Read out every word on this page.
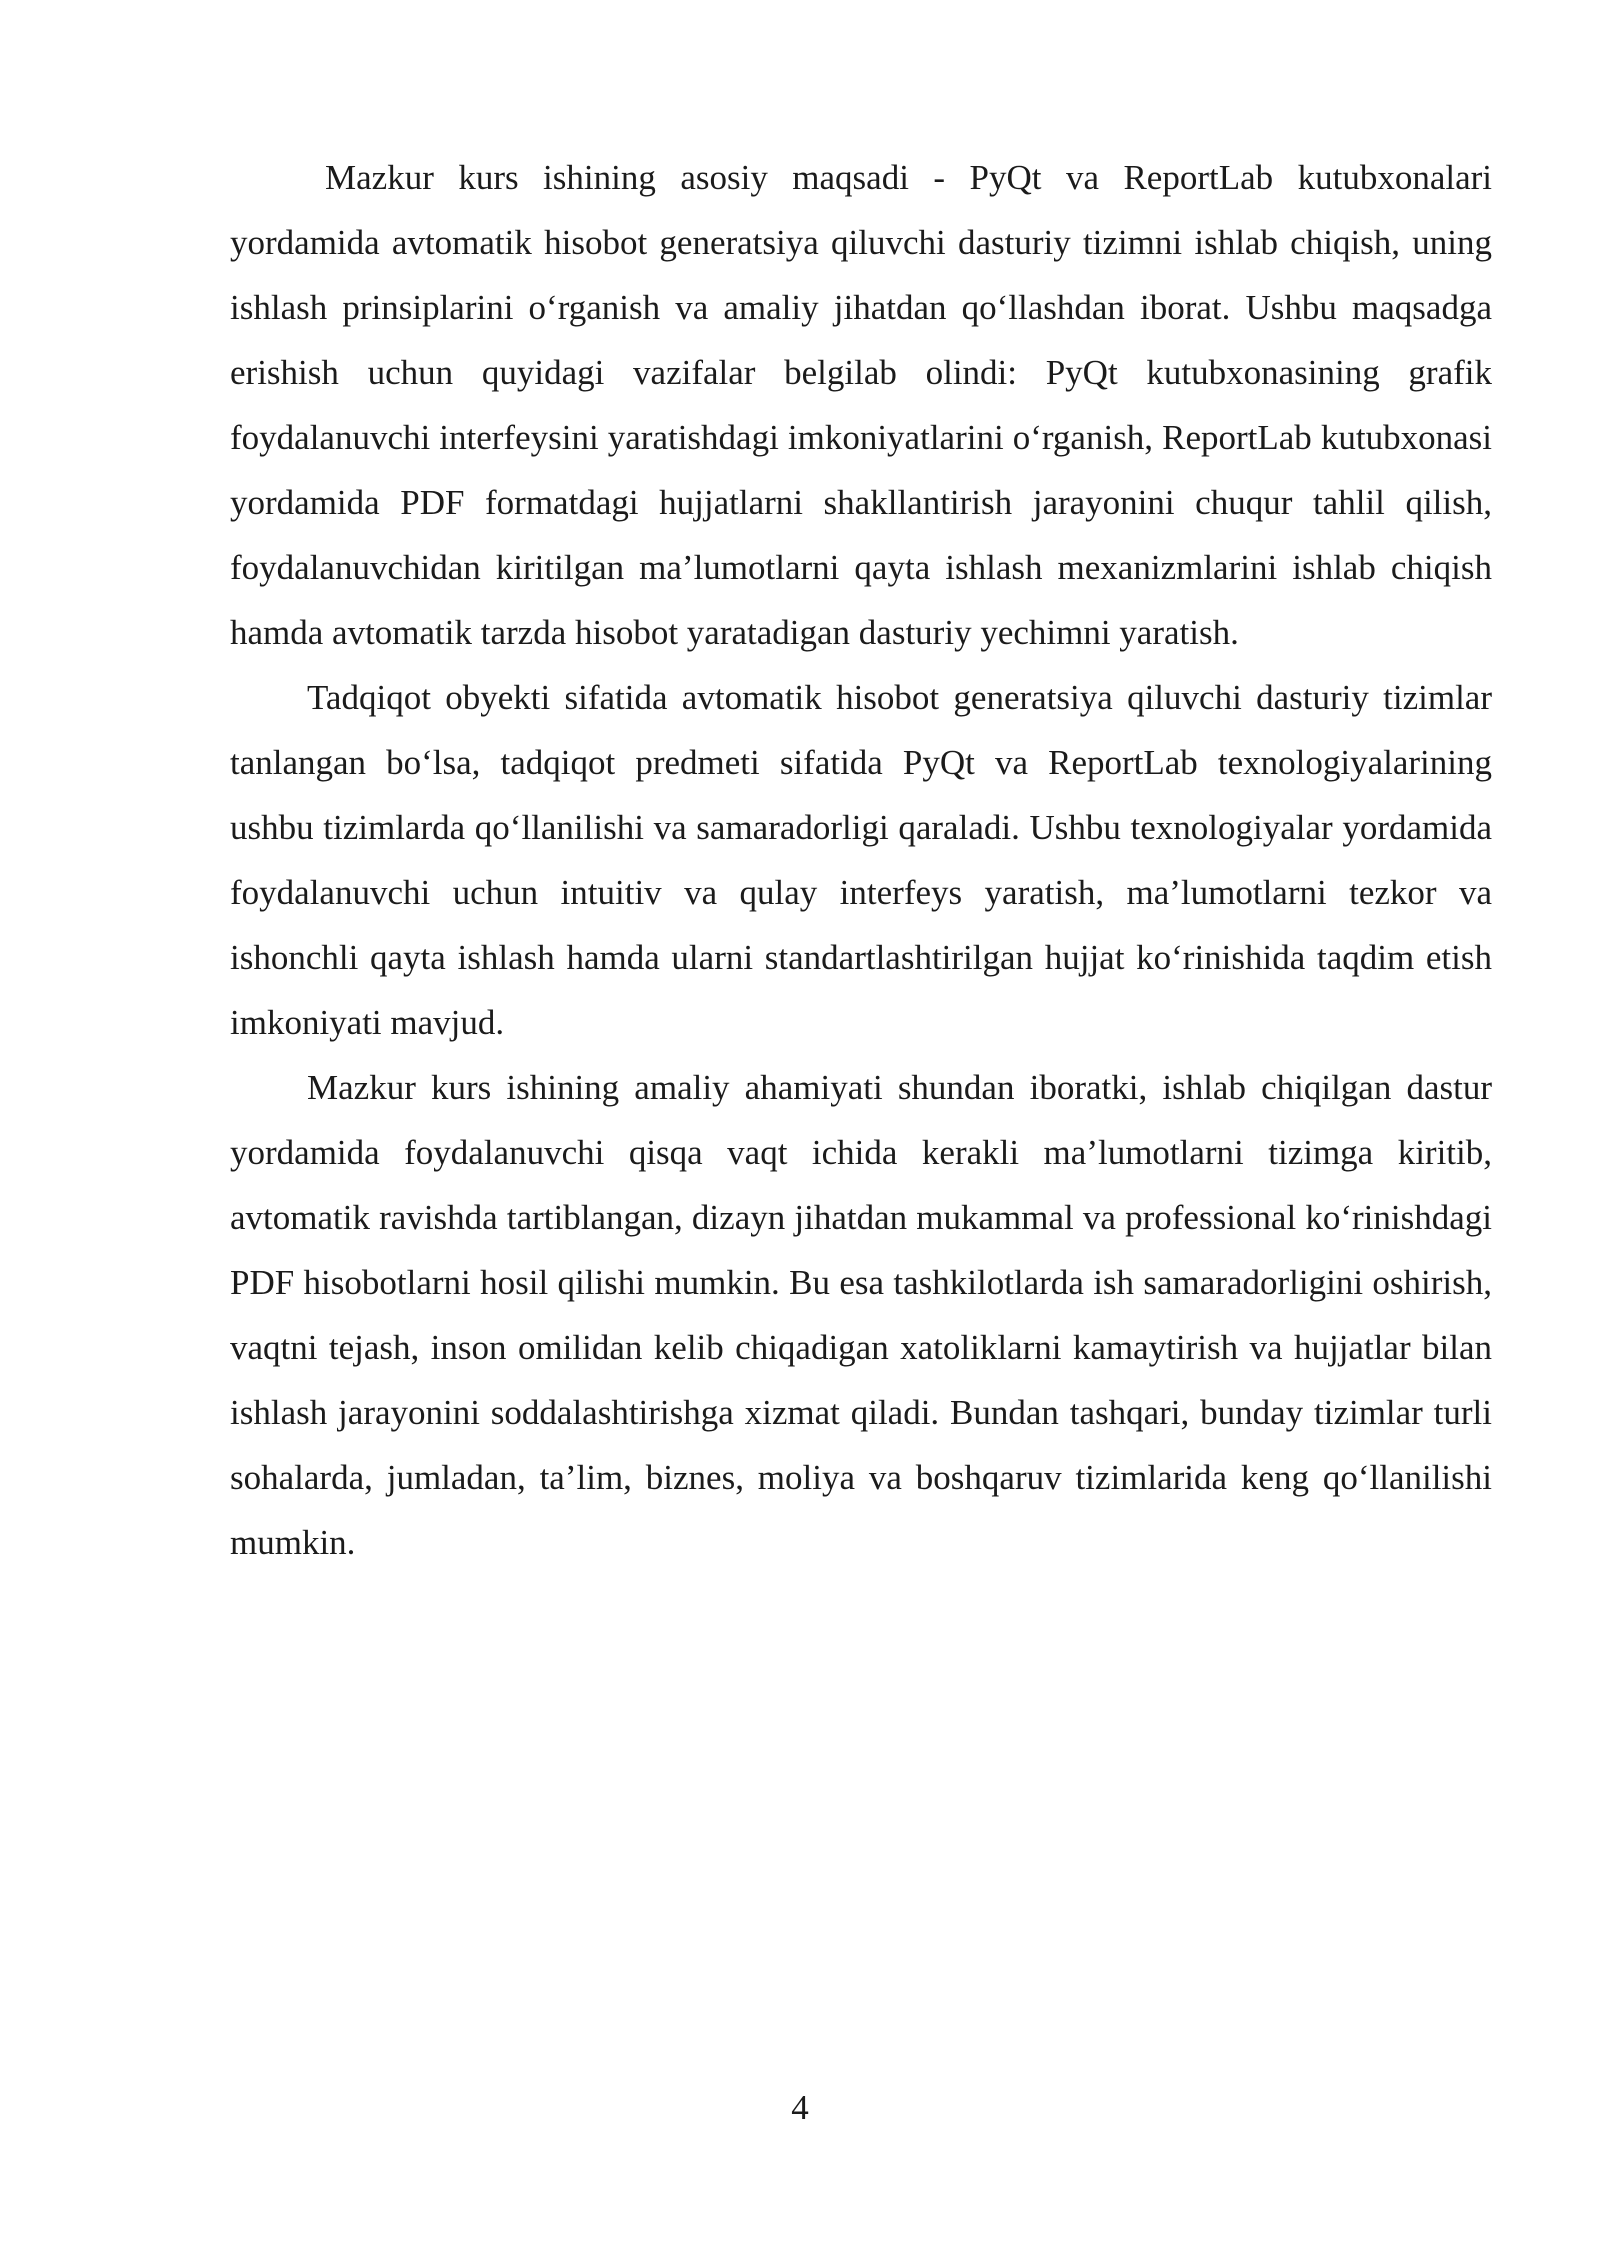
Mazkur kurs ishining asosiy maqsadi - PyQt va ReportLab kutubxonalari yordamida avtomatik hisobot generatsiya qiluvchi dasturiy tizimni ishlab chiqish, uning ishlash prinsiplarini o‘rganish va amaliy jihatdan qo‘llashdan iborat. Ushbu maqsadga erishish uchun quyidagi vazifalar belgilab olindi: PyQt kutubxonasining grafik foydalanuvchi interfeysini yaratishdagi imkoniyatlarini o‘rganish, ReportLab kutubxonasi yordamida PDF formatdagi hujjatlarni shakllantirish jarayonini chuqur tahlil qilish, foydalanuvchidan kiritilgan ma’lumotlarni qayta ishlash mexanizmlarini ishlab chiqish hamda avtomatik tarzda hisobot yaratadigan dasturiy yechimni yaratish.

Tadqiqot obyekti sifatida avtomatik hisobot generatsiya qiluvchi dasturiy tizimlar tanlangan bo‘lsa, tadqiqot predmeti sifatida PyQt va ReportLab texnologiyalarining ushbu tizimlarda qo‘llanilishi va samaradorligi qaraladi. Ushbu texnologiyalar yordamida foydalanuvchi uchun intuitiv va qulay interfeys yaratish, ma’lumotlarni tezkor va ishonchli qayta ishlash hamda ularni standartlashtirilgan hujjat ko‘rinishida taqdim etish imkoniyati mavjud.

Mazkur kurs ishining amaliy ahamiyati shundan iboratki, ishlab chiqilgan dastur yordamida foydalanuvchi qisqa vaqt ichida kerakli ma’lumotlarni tizimga kiritib, avtomatik ravishda tartiblangan, dizayn jihatdan mukammal va professional ko‘rinishdagi PDF hisobotlarni hosil qilishi mumkin. Bu esa tashkilotlarda ish samaradorligini oshirish, vaqtni tejash, inson omilidan kelib chiqadigan xatoliklarni kamaytirish va hujjatlar bilan ishlash jarayonini soddalashtirishga xizmat qiladi. Bundan tashqari, bunday tizimlar turli sohalarda, jumladan, ta’lim, biznes, moliya va boshqaruv tizimlarida keng qo‘llanilishi mumkin.

4
